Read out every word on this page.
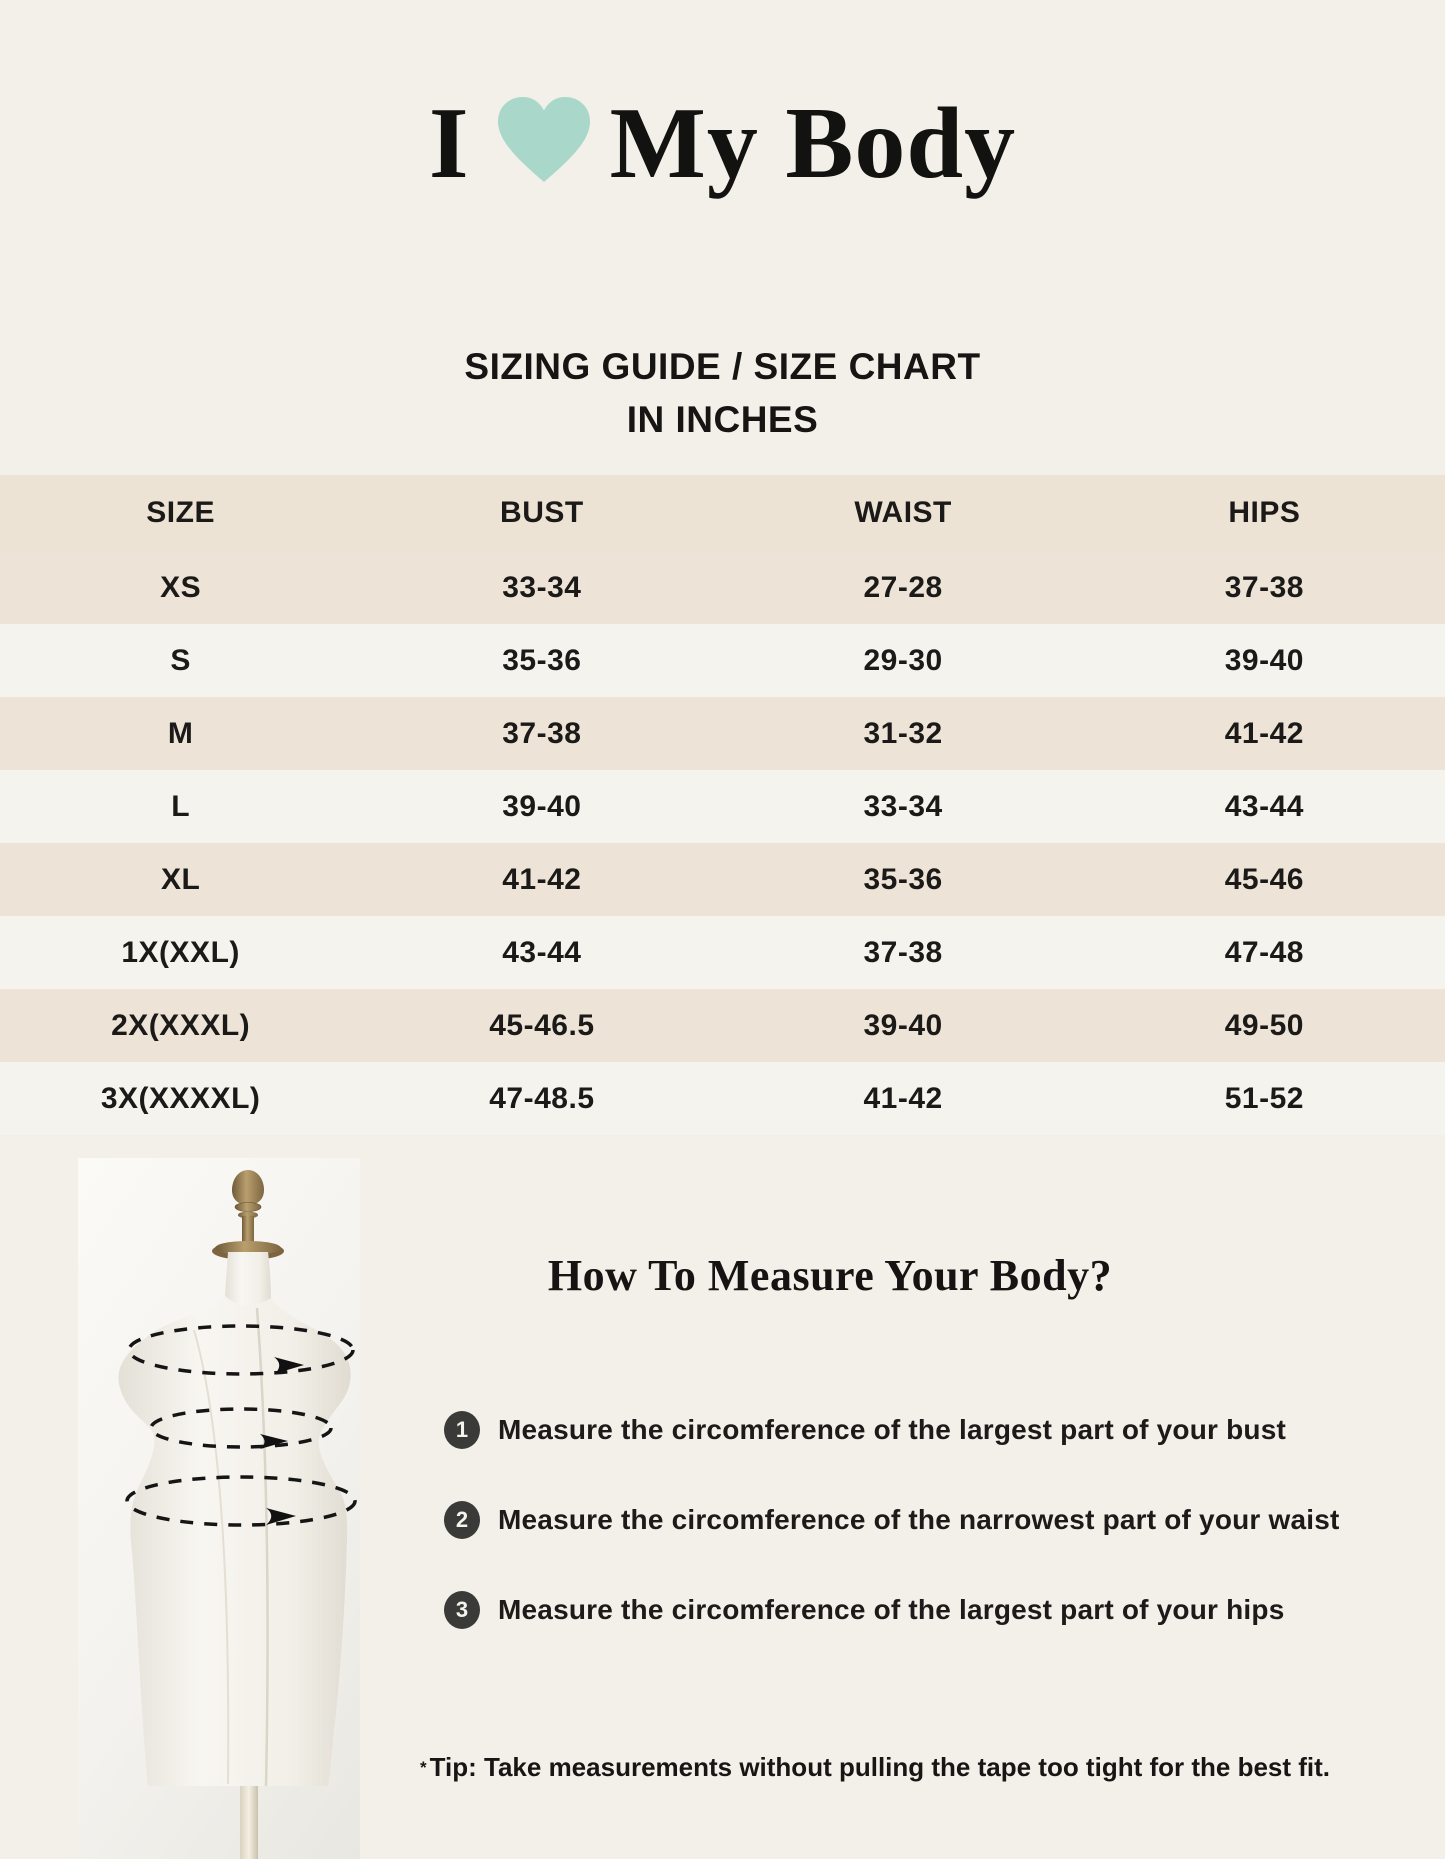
I My Body
SIZING GUIDE / SIZE CHART
IN INCHES
SIZE	BUST	WAIST	HIPS
XS	33-34	27-28	37-38
S	35-36	29-30	39-40
M	37-38	31-32	41-42
L	39-40	33-34	43-44
XL	41-42	35-36	45-46
1X(XXL)	43-44	37-38	47-48
2X(XXXL)	45-46.5	39-40	49-50
3X(XXXXL)	47-48.5	41-42	51-52
How To Measure Your Body?
1	Measure the circomference of the largest part of your bust
2	Measure the circomference of the narrowest part of your waist
3	Measure the circomference of the largest part of your hips
* Tip: Take measurements without pulling the tape too tight for the best fit.
